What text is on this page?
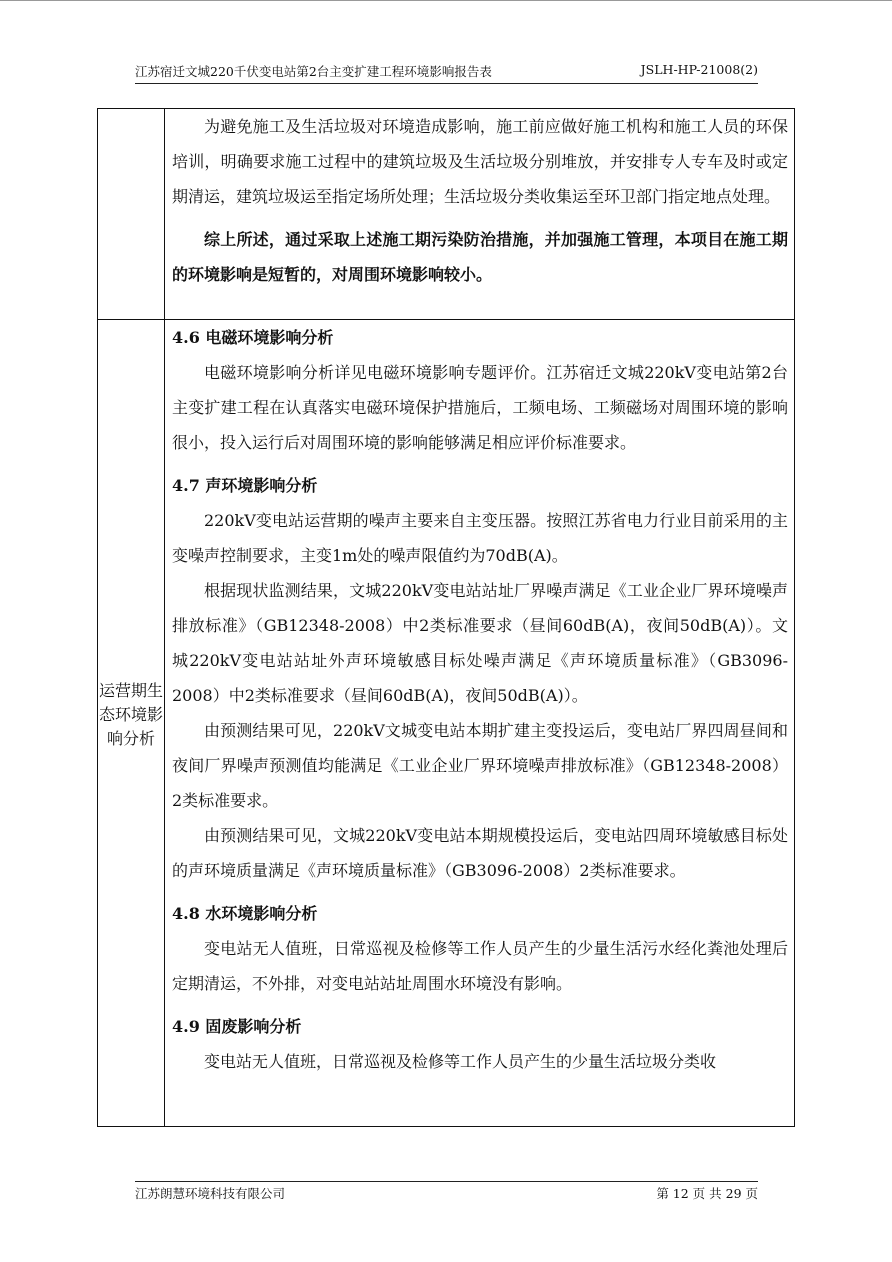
江苏宿迁文城220千伏变电站第2台主变扩建工程环境影响报告表	JSLH-HP-21008(2)

为避免施工及生活垃圾对环境造成影响，施工前应做好施工机构和施工人员的环保培训，明确要求施工过程中的建筑垃圾及生活垃圾分别堆放，并安排专人专车及时或定期清运，建筑垃圾运至指定场所处理；生活垃圾分类收集运至环卫部门指定地点处理。

综上所述，通过采取上述施工期污染防治措施，并加强施工管理，本项目在施工期的环境影响是短暂的，对周围环境影响较小。

运营期生态环境影响分析
4.6 电磁环境影响分析

电磁环境影响分析详见电磁环境影响专题评价。江苏宿迁文城220kV变电站第2台主变扩建工程在认真落实电磁环境保护措施后，工频电场、工频磁场对周围环境的影响很小，投入运行后对周围环境的影响能够满足相应评价标准要求。

4.7 声环境影响分析

220kV变电站运营期的噪声主要来自主变压器。按照江苏省电力行业目前采用的主变噪声控制要求，主变1m处的噪声限值约为70dB(A)。

根据现状监测结果，文城220kV变电站站址厂界噪声满足《工业企业厂界环境噪声排放标准》（GB12348-2008）中2类标准要求（昼间60dB(A)，夜间50dB(A)）。文城220kV变电站站址外声环境敏感目标处噪声满足《声环境质量标准》（GB3096-2008）中2类标准要求（昼间60dB(A)，夜间50dB(A)）。

由预测结果可见，220kV文城变电站本期扩建主变投运后，变电站厂界四周昼间和夜间厂界噪声预测值均能满足《工业企业厂界环境噪声排放标准》（GB12348-2008）2类标准要求。

由预测结果可见，文城220kV变电站本期规模投运后，变电站四周环境敏感目标处的声环境质量满足《声环境质量标准》（GB3096-2008）2类标准要求。

4.8 水环境影响分析

变电站无人值班，日常巡视及检修等工作人员产生的少量生活污水经化粪池处理后定期清运，不外排，对变电站站址周围水环境没有影响。

4.9 固废影响分析

变电站无人值班，日常巡视及检修等工作人员产生的少量生活垃圾分类收

江苏朗慧环境科技有限公司	第 12 页 共 29 页
